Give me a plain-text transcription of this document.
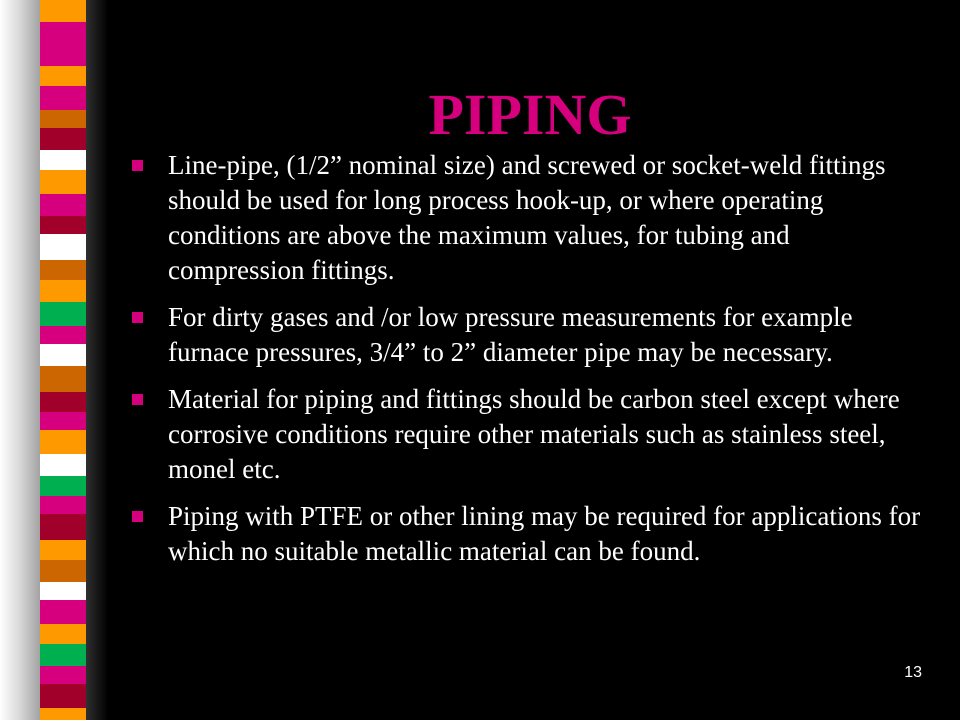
PIPING
Line-pipe, (1/2” nominal size) and screwed or socket-weld fittings should be used for long process hook-up, or where operating conditions are above the maximum values, for tubing and compression fittings.
For dirty gases and /or low pressure measurements for example furnace pressures, 3/4” to 2” diameter pipe may be necessary.
Material for piping and fittings should be carbon steel except where corrosive conditions require other materials such as stainless steel, monel etc.
Piping with PTFE or other lining may be required for applications for which no suitable metallic material can be found.
13
